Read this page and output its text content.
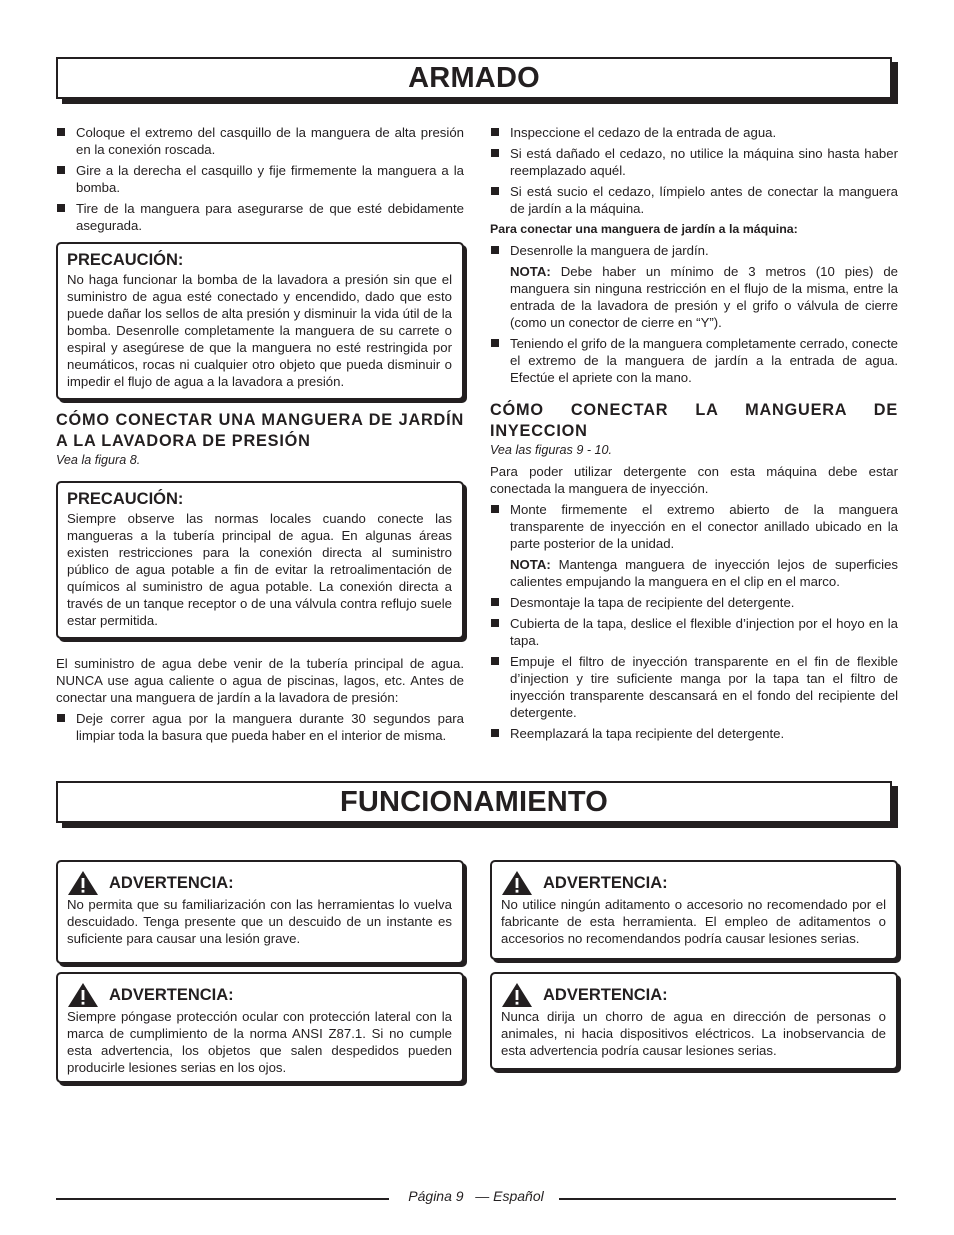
ARMADO
Coloque el extremo del casquillo de la manguera de alta presión en la conexión roscada.
Gire a la derecha el casquillo y fije firmemente la manguera a la bomba.
Tire de la manguera para asegurarse de que esté debidamente asegurada.
PRECAUCIÓN:

No haga funcionar la bomba de la lavadora a presión sin que el suministro de agua esté conectado y encendido, dado que esto puede dañar los sellos de alta presión y disminuir la vida útil de la bomba. Desenrolle completamente la manguera de su carrete o espiral y asegúrese de que la manguera no esté restringida por neumáticos, rocas ni cualquier otro objeto que pueda disminuir o impedir el flujo de agua a la lavadora a presión.

CÓMO CONECTAR UNA MANGUERA DE JARDÍN A LA LAVADORA DE PRESIÓN

Vea la figura 8.

PRECAUCIÓN:

Siempre observe las normas locales cuando conecte las mangueras a la tubería principal de agua. En algunas áreas existen restricciones para la conexión directa al suministro público de agua potable a fin de evitar la retroalimentación de químicos al suministro de agua potable. La conexión directa a través de un tanque receptor o de una válvula contra reflujo suele estar permitida.

El suministro de agua debe venir de la tubería principal de agua. NUNCA use agua caliente o agua de piscinas, lagos, etc. Antes de conectar una manguera de jardín a la lavadora de presión:

Deje correr agua por la manguera durante 30 segundos para limpiar toda la basura que pueda haber en el interior de misma.
Inspeccione el cedazo de la entrada de agua.
Si está dañado el cedazo, no utilice la máquina sino hasta haber reemplazado aquél.
Si está sucio el cedazo, límpielo antes de conectar la manguera de jardín a la máquina.

Para conectar una manguera de jardín a la máquina:

Desenrolle la manguera de jardín.

NOTA: Debe haber un mínimo de 3 metros (10 pies) de manguera sin ninguna restricción en el flujo de la misma, entre la entrada de la lavadora de presión y el grifo o válvula de cierre (como un conector de cierre en “Y”).

Teniendo el grifo de la manguera completamente cerrado, conecte el extremo de la manguera de jardín a la entrada de agua. Efectúe el apriete con la mano.

CÓMO CONECTAR LA MANGUERA DE INYECCION

Vea las figuras 9 - 10.

Para poder utilizar detergente con esta máquina debe estar conectada la manguera de inyección.

Monte firmemente el extremo abierto de la manguera transparente de inyección en el conector anillado ubicado en la parte posterior de la unidad.

NOTA: Mantenga manguera de inyección lejos de superficies calientes empujando la manguera en el clip en el marco.

Desmontaje la tapa de recipiente del detergente.
Cubierta de la tapa, deslice el flexible d’injection por el hoyo en la tapa.
Empuje el filtro de inyección transparente en el fin de flexible d’injection y tire suficiente manga por la tapa tan el filtro de inyección transparente descansará en el fondo del recipiente del detergente.
Reemplazará la tapa recipiente del detergente.
FUNCIONAMIENTO
ADVERTENCIA:

No permita que su familiarización con las herramientas lo vuelva descuidado. Tenga presente que un descuido de un instante es suficiente para causar una lesión grave.

ADVERTENCIA:

No utilice ningún aditamento o accesorio no recomendado por el fabricante de esta herramienta. El empleo de aditamentos o accesorios no recomendandos podría causar lesiones serias.

ADVERTENCIA:

Siempre póngase protección ocular con protección lateral con la marca de cumplimiento de la norma ANSI Z87.1. Si no cumple esta advertencia, los objetos que salen despedidos pueden producirle lesiones serias en los ojos.

ADVERTENCIA:

Nunca dirija un chorro de agua en dirección de personas o animales, ni hacia dispositivos eléctricos. La inobservancia de esta advertencia podría causar lesiones serias.

Página 9 — Español
